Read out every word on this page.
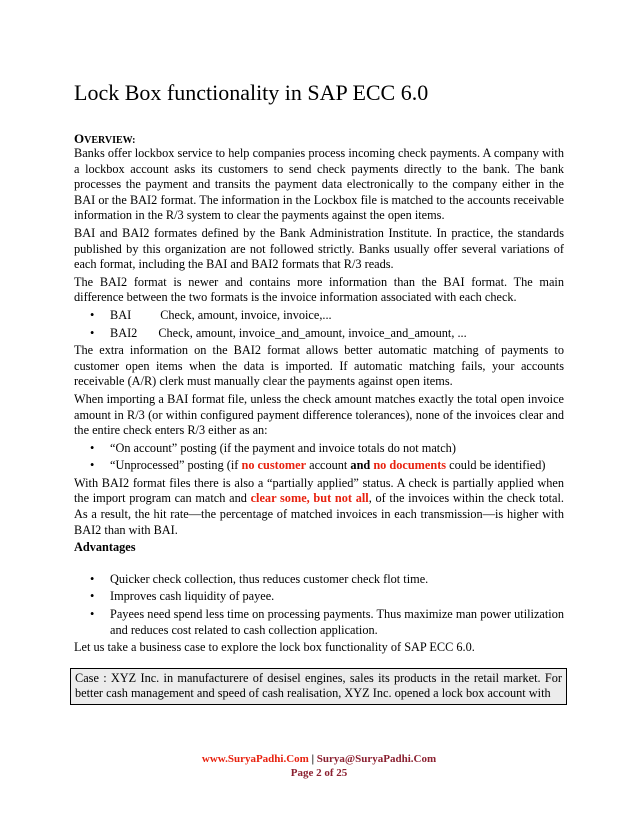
Lock Box functionality in SAP ECC 6.0
OVERVIEW:

Banks offer lockbox service to help companies process incoming check payments. A company with a lockbox account asks its customers to send check payments directly to the bank. The bank processes the payment and transits the payment data electronically to the company either in the BAI or the BAI2 format. The information in the Lockbox file is matched to the accounts receivable information in the R/3 system to clear the payments against the open items.

BAI and BAI2 formates defined by the Bank Administration Institute. In practice, the standards published by this organization are not followed strictly. Banks usually offer several variations of each format, including the BAI and BAI2 formats that R/3 reads.

The BAI2 format is newer and contains more information than the BAI format. The main difference between the two formats is the invoice information associated with each check.

• BAI Check, amount, invoice, invoice,...
• BAI2 Check, amount, invoice_and_amount, invoice_and_amount, ...

The extra information on the BAI2 format allows better automatic matching of payments to customer open items when the data is imported. If automatic matching fails, your accounts receivable (A/R) clerk must manually clear the payments against open items.

When importing a BAI format file, unless the check amount matches exactly the total open invoice amount in R/3 (or within configured payment difference tolerances), none of the invoices clear and the entire check enters R/3 either as an:

• “On account” posting (if the payment and invoice totals do not match)
• “Unprocessed” posting (if no customer account and no documents could be identified)

With BAI2 format files there is also a “partially applied” status. A check is partially applied when the import program can match and clear some, but not all, of the invoices within the check total. As a result, the hit rate—the percentage of matched invoices in each transmission—is higher with BAI2 than with BAI.

Advantages

• Quicker check collection, thus reduces customer check flot time.
• Improves cash liquidity of payee.
• Payees need spend less time on processing payments. Thus maximize man power utilization and reduces cost related to cash collection application.

Let us take a business case to explore the lock box functionality of SAP ECC 6.0.

Case : XYZ Inc. in manufacturere of desisel engines, sales its products in the retail market. For better cash management and speed of cash realisation, XYZ Inc. opened a lock box account with
www.SuryaPadhi.Com | Surya@SuryaPadhi.Com
Page 2 of 25
